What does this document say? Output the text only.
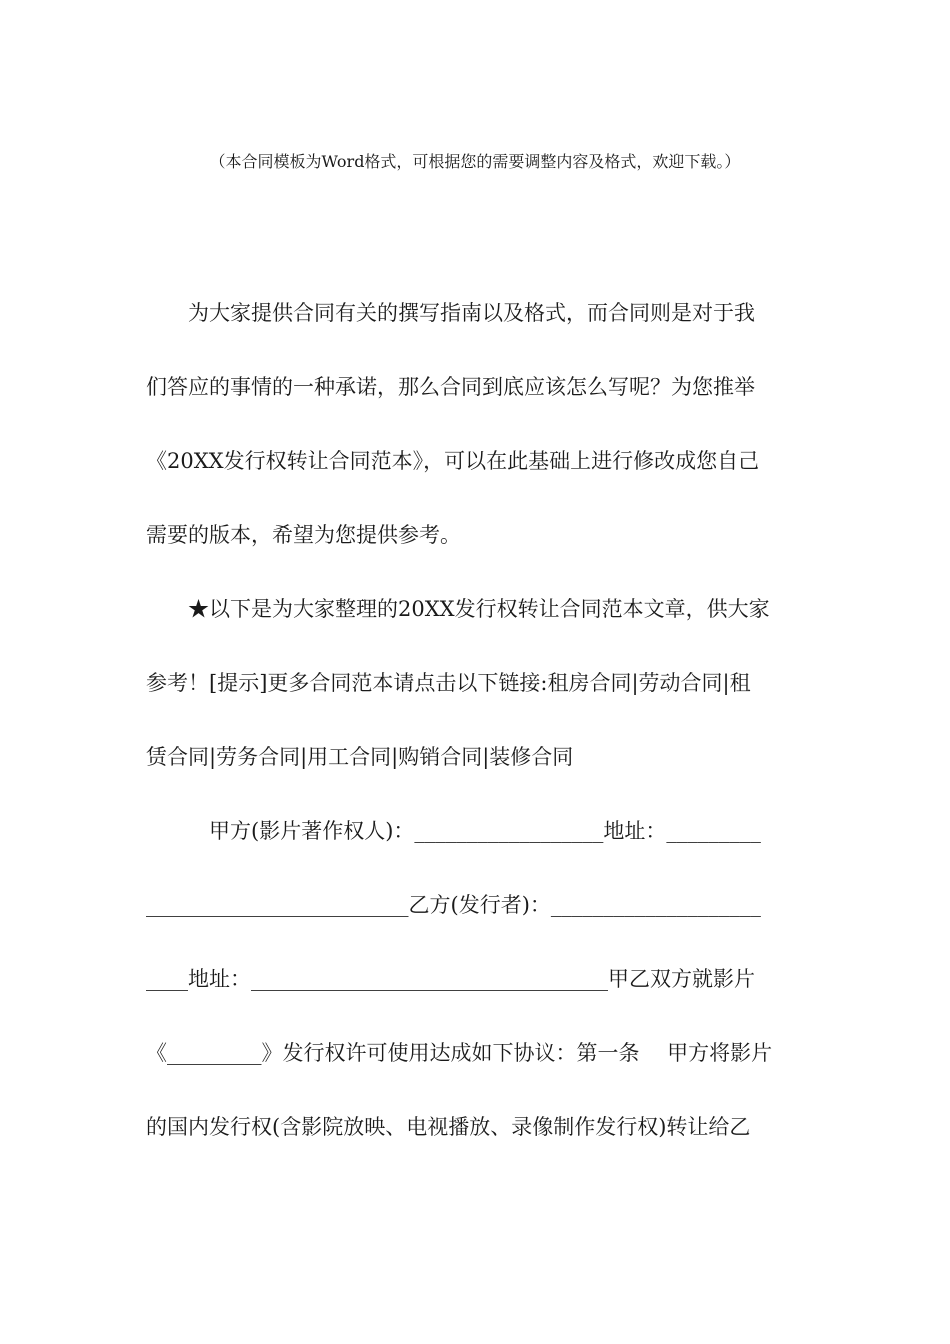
（本合同模板为Word格式，可根据您的需要调整内容及格式，欢迎下载。）
　　为大家提供合同有关的撰写指南以及格式，而合同则是对于我
们答应的事情的一种承诺，那么合同到底应该怎么写呢？为您推举
《20XX发行权转让合同范本》，可以在此基础上进行修改成您自己
需要的版本，希望为您提供参考。
　　★以下是为大家整理的20XX发行权转让合同范本文章，供大家
参考！[提示]更多合同范本请点击以下链接:租房合同|劳动合同|租
赁合同|劳务合同|用工合同|购销合同|装修合同
　　　甲方(影片著作权人)：__________________地址：_________
_________________________乙方(发行者)：____________________
____地址：__________________________________甲乙双方就影片
《_________》发行权许可使用达成如下协议：第一条　 甲方将影片
的国内发行权(含影院放映、电视播放、录像制作发行权)转让给乙
